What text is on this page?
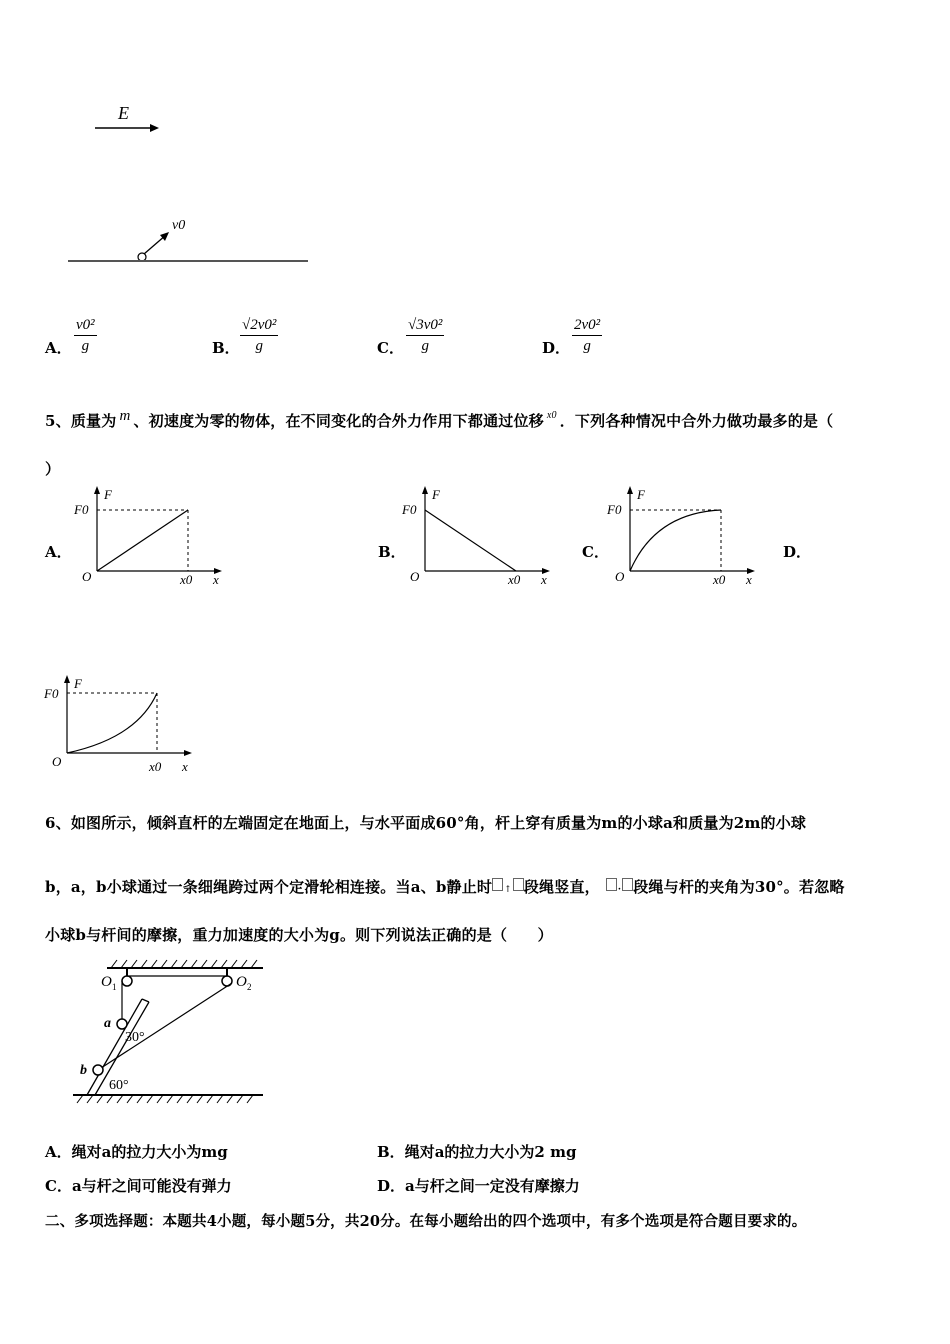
E
v0
A． $\frac{\text{v0²}}{g}$	B． $\frac{\text{√2v0²}}{g}$	C． $\frac{\text{√3v0²}}{g}$	D． $\frac{\text{2v0²}}{g}$
5、质量为 m 、初速度为零的物体，在不同变化的合外力作用下都通过位移 $^{x0}$ ．下列各种情况中合外力做功最多的是（
）
A．	B．	C．	D．
F
F0
O	x0 x
F
F0
O	x0 x
F
F0
O	x0 x
F
F0
O	x0 x
6、如图所示，倾斜直杆的左端固定在地面上，与水平面成60°角，杆上穿有质量为m的小球a和质量为2m的小球
b，a，b小球通过一条细绳跨过两个定滑轮相连接。当a、b静止时 ↑ 段绳竖直， · 段绳与杆的夹角为30°。若忽略
小球b与杆间的摩擦，重力加速度的大小为g。则下列说法正确的是（　　）
O 1	O 2
a
b
30°
60°
A．绳对a的拉力大小为mg	B．绳对a的拉力大小为2 mg
C．a与杆之间可能没有弹力	D．a与杆之间一定没有摩擦力
二、多项选择题：本题共4小题，每小题5分，共20分。在每小题给出的四个选项中，有多个选项是符合题目要求的。
